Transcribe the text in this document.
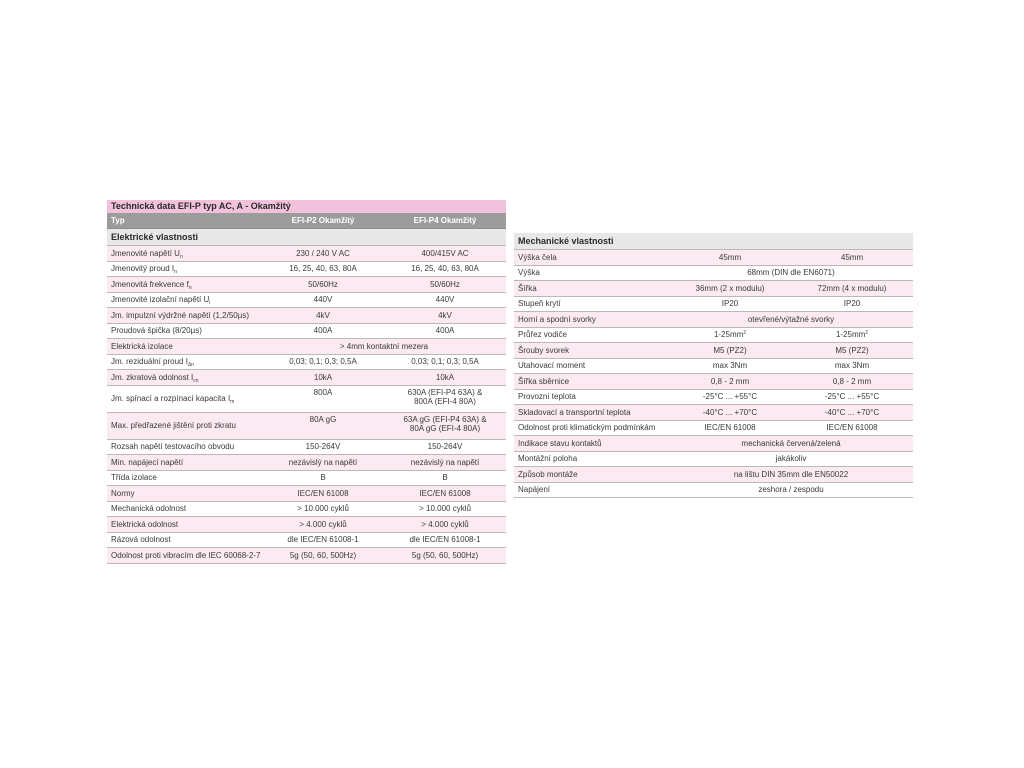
Technická data EFI-P typ AC, A - Okamžitý		
Typ	EFI-P2 Okamžitý	EFI-P4 Okamžitý
Elektrické vlastnosti		
Jmenovité napětí $U_n$	230 / 240 V AC	400/415V AC
Jmenovitý proud $I_n$	16, 25, 40, 63, 80A	16, 25, 40, 63, 80A
Jmenovitá frekvence $f_n$	50/60Hz	50/60Hz
Jmenovité izolační napětí $U_i$	440V	440V
Jm. impulzní výdržné napětí (1,2/50µs)	4kV	4kV
Proudová špička (8/20µs)	400A	400A
Elektrická izolace	> 4mm kontaktní mezera	
Jm. reziduální proud $I_{\Delta n}$	0,03; 0,1; 0,3; 0,5A	0,03; 0,1; 0,3; 0,5A
Jm. zkratová odolnost $I_{cn}$	10kA	10kA
Jm. spínací a rozpínací kapacita $I_m$	800A	630A (EFI-P4 63A) &
800A (EFI-4 80A)

Max. předřazené jištění proti zkratu	80A gG	63A gG (EFI-P4 63A) &
80A gG (EFI-4 80A)

Rozsah napětí testovacího obvodu	150-264V	150-264V
Min. napájecí napětí	nezávislý na napětí	nezávislý na napětí
Třída izolace	B	B
Normy	IEC/EN 61008	IEC/EN 61008
Mechanická odolnost	> 10.000 cyklů	> 10.000 cyklů
Elektrická odolnost	> 4.000 cyklů	> 4.000 cyklů
Rázová odolnost	dle IEC/EN 61008-1	dle IEC/EN 61008-1
Odolnost proti vibracím dle IEC 60068-2-7	5g (50, 60, 500Hz)	5g (50, 60, 500Hz)
Mechanické vlastnosti		
Výška čela	45mm	45mm
Výška	68mm (DIN dle EN6071)	
Šířka	36mm (2 x modulu)	72mm (4 x modulu)
Stupeň krytí	IP20	IP20
Horní a spodní svorky	otevřené/výtažné svorky	
Průřez vodiče	$1-25mm^2$	$1-25mm^2$
Šrouby svorek	M5 (PZ2)	M5 (PZ2)
Utahovací moment	max 3Nm	max 3Nm
Šířka sběrnice	0,8 - 2 mm	0,8 - 2 mm
Provozní teplota	-25°C ... +55°C	-25°C ... +55°C
Skladovací a transportní teplota	-40°C ... +70°C	-40°C ... +70°C
Odolnost proti klimatickým podmínkám	IEC/EN 61008	IEC/EN 61008
Indikace stavu kontaktů	mechanická červená/zelená	
Montážní poloha	jakákoliv	
Způsob montáže	na lištu DIN 35mm dle EN50022	
Napájení	zeshora / zespodu	
